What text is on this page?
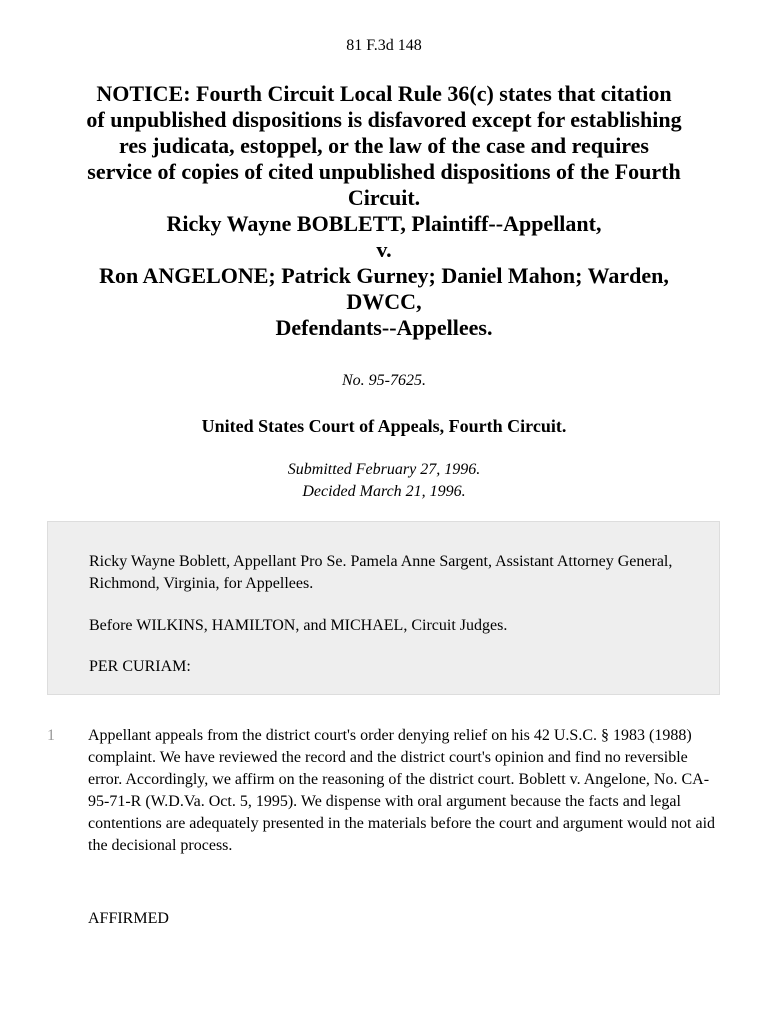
81 F.3d 148
NOTICE: Fourth Circuit Local Rule 36(c) states that citation
of unpublished dispositions is disfavored except for establishing
res judicata, estoppel, or the law of the case and requires
service of copies of cited unpublished dispositions of the Fourth
Circuit.
Ricky Wayne BOBLETT, Plaintiff--Appellant,
v.
Ron ANGELONE; Patrick Gurney; Daniel Mahon; Warden,
DWCC,
Defendants--Appellees.
No. 95-7625.
United States Court of Appeals, Fourth Circuit.
Submitted February 27, 1996.
Decided March 21, 1996.

Ricky Wayne Boblett, Appellant Pro Se. Pamela Anne Sargent, Assistant Attorney General, Richmond, Virginia, for Appellees.

Before WILKINS, HAMILTON, and MICHAEL, Circuit Judges.

PER CURIAM:

1 Appellant appeals from the district court's order denying relief on his 42 U.S.C. § 1983 (1988) complaint. We have reviewed the record and the district court's opinion and find no reversible error. Accordingly, we affirm on the reasoning of the district court. Boblett v. Angelone, No. CA-95-71-R (W.D.Va. Oct. 5, 1995). We dispense with oral argument because the facts and legal contentions are adequately presented in the materials before the court and argument would not aid the decisional process.

AFFIRMED
